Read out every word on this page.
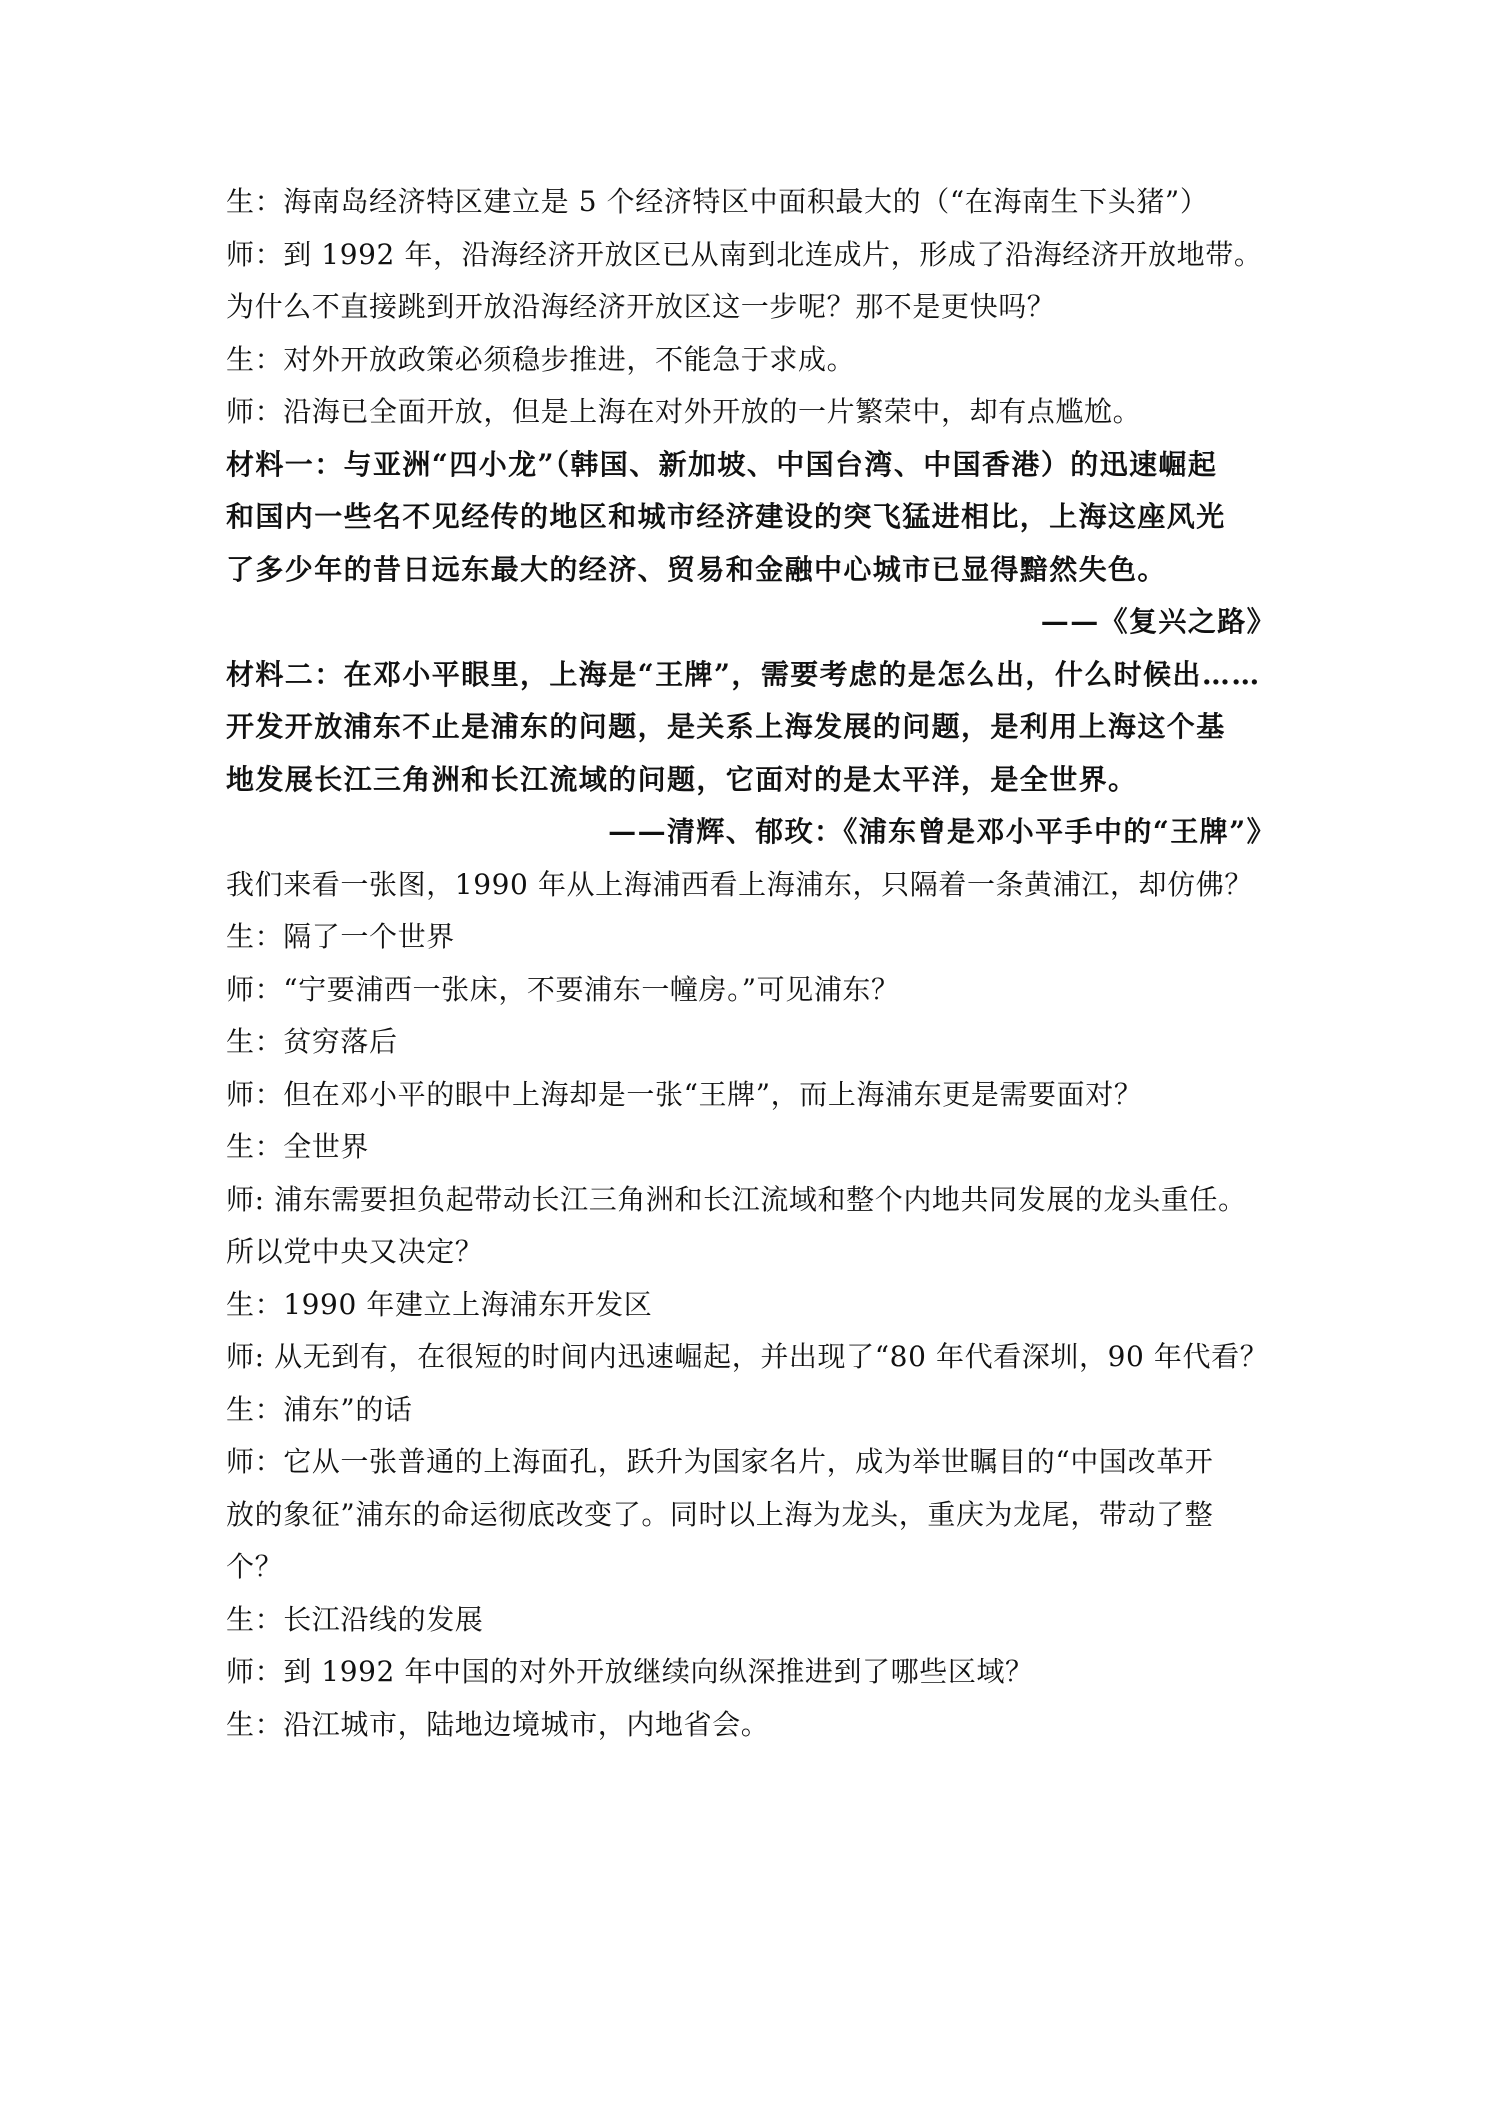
生：海南岛经济特区建立是 5 个经济特区中面积最大的（“在海南生下头猪”）
师：到 1992 年，沿海经济开放区已从南到北连成片，形成了沿海经济开放地带。
为什么不直接跳到开放沿海经济开放区这一步呢？那不是更快吗？
生：对外开放政策必须稳步推进，不能急于求成。
师：沿海已全面开放，但是上海在对外开放的一片繁荣中，却有点尴尬。
材料一：与亚洲“四小龙”（韩国、新加坡、中国台湾、中国香港）的迅速崛起
和国内一些名不见经传的地区和城市经济建设的突飞猛进相比，上海这座风光
了多少年的昔日远东最大的经济、贸易和金融中心城市已显得黯然失色。
——《复兴之路》
材料二：在邓小平眼里，上海是“王牌”，需要考虑的是怎么出，什么时候出……
开发开放浦东不止是浦东的问题，是关系上海发展的问题，是利用上海这个基
地发展长江三角洲和长江流域的问题，它面对的是太平洋，是全世界。
——清辉、郁玫：《浦东曾是邓小平手中的“王牌”》
我们来看一张图，1990 年从上海浦西看上海浦东，只隔着一条黄浦江，却仿佛？
生：隔了一个世界
师：“宁要浦西一张床，不要浦东一幢房。”可见浦东？
生：贫穷落后
师：但在邓小平的眼中上海却是一张“王牌”，而上海浦东更是需要面对？
生：全世界
师: 浦东需要担负起带动长江三角洲和长江流域和整个内地共同发展的龙头重任。
所以党中央又决定？
生：1990 年建立上海浦东开发区
师: 从无到有，在很短的时间内迅速崛起，并出现了“80 年代看深圳，90 年代看？
生：浦东”的话
师：它从一张普通的上海面孔，跃升为国家名片，成为举世瞩目的“中国改革开
放的象征”浦东的命运彻底改变了。同时以上海为龙头，重庆为龙尾，带动了整
个？
生：长江沿线的发展
师：到 1992 年中国的对外开放继续向纵深推进到了哪些区域？
生：沿江城市，陆地边境城市，内地省会。
